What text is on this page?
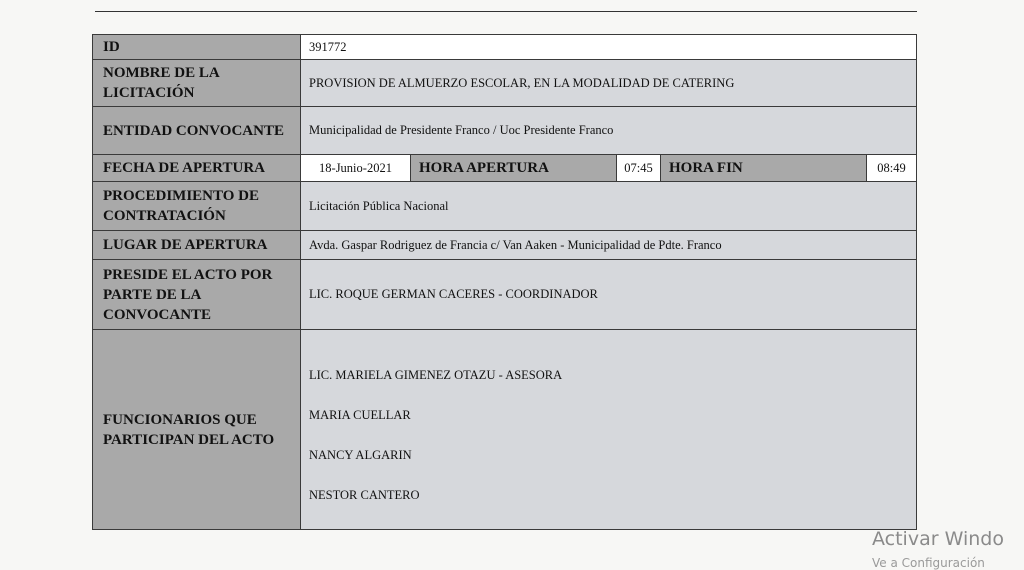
ID	391772				
NOMBRE DE LA LICITACIÓN	PROVISION DE ALMUERZO ESCOLAR, EN LA MODALIDAD DE CATERING				
ENTIDAD CONVOCANTE	Municipalidad de Presidente Franco / Uoc Presidente Franco				
FECHA DE APERTURA	18-Junio-2021	HORA APERTURA	07:45	HORA FIN	08:49
PROCEDIMIENTO DE CONTRATACIÓN	Licitación Pública Nacional				
LUGAR DE APERTURA	Avda. Gaspar Rodriguez de Francia c/ Van Aaken - Municipalidad de Pdte. Franco				
PRESIDE EL ACTO POR PARTE DE LA CONVOCANTE	LIC. ROQUE GERMAN CACERES - COORDINADOR				
FUNCIONARIOS QUE PARTICIPAN DEL ACTO	LIC. MARIELA GIMENEZ OTAZU - ASESORA
MARIA CUELLAR
NANCY ALGARIN
NESTOR CANTERO				
Activar Windo
Ve a Configuración
